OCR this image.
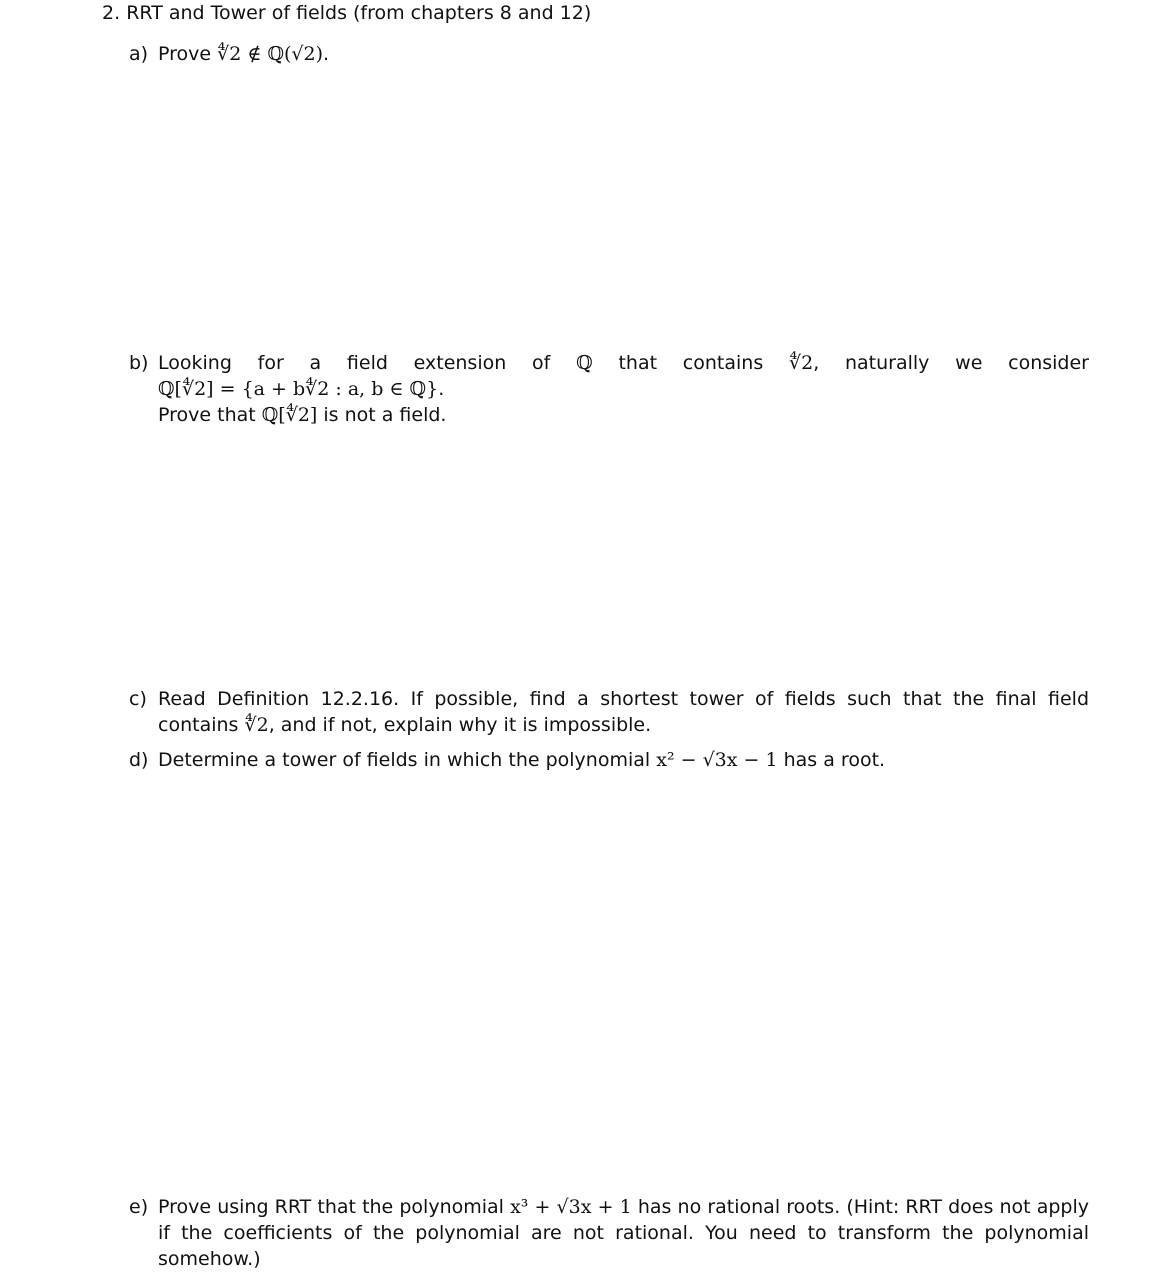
2. RRT and Tower of fields (from chapters 8 and 12)
a) Prove ∜2 ∉ ℚ(√2).
b) Looking for a field extension of ℚ that contains ∜2, naturally we consider ℚ[∜2] = {a + b∜2 : a, b ∈ ℚ}.
Prove that ℚ[∜2] is not a field.
c) Read Definition 12.2.16. If possible, find a shortest tower of fields such that the final field contains ∜2, and if not, explain why it is impossible.
d) Determine a tower of fields in which the polynomial x² − √3x − 1 has a root.
e) Prove using RRT that the polynomial x³ + √3x + 1 has no rational roots. (Hint: RRT does not apply if the coefficients of the polynomial are not rational. You need to transform the polynomial somehow.)
